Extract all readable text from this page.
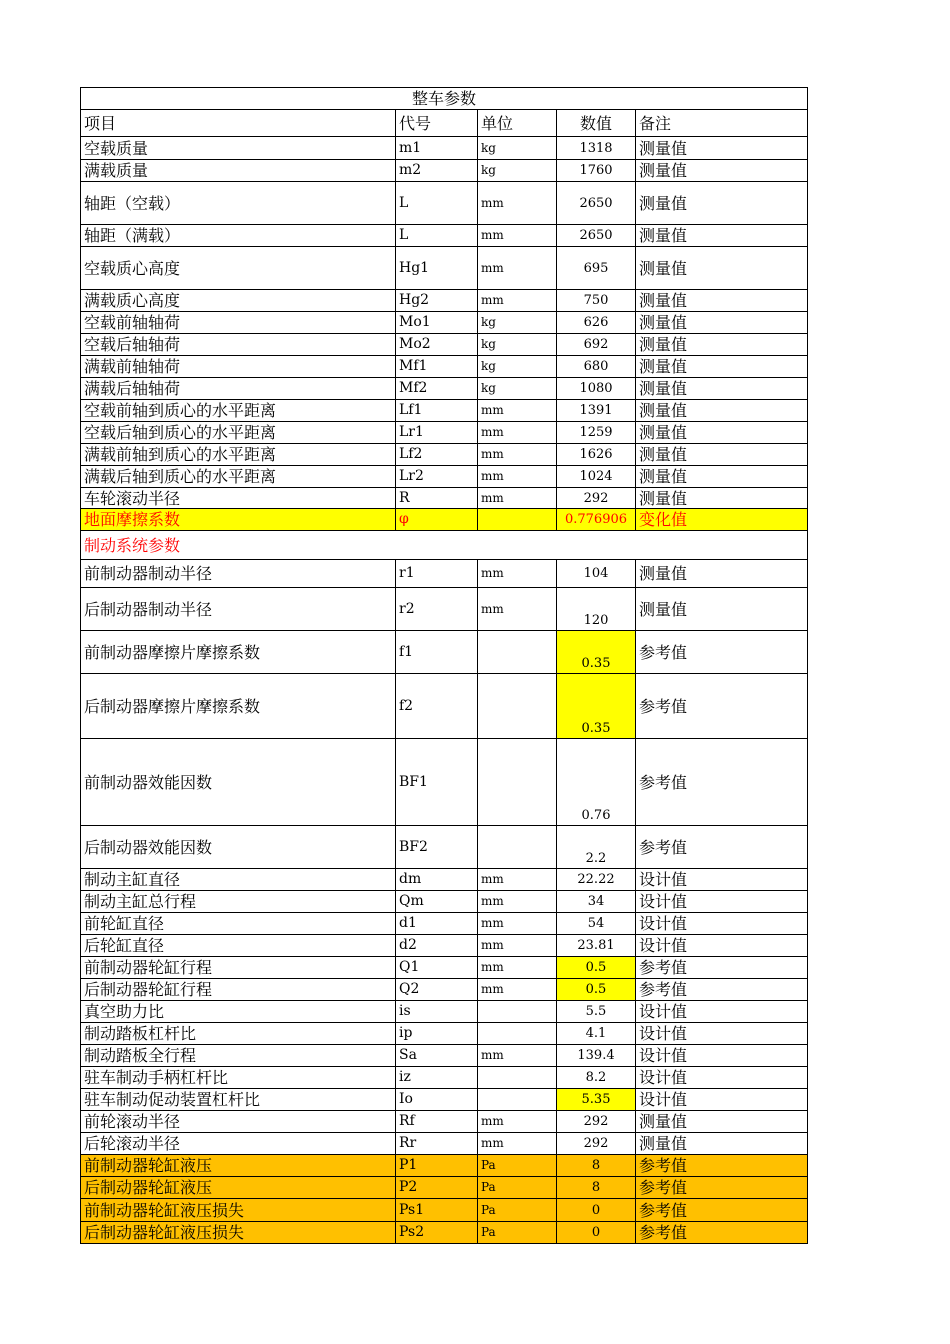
整车参数				
项目	代号	单位	数值	备注
空载质量	m1	kg	1318	测量值
满载质量	m2	kg	1760	测量值
轴距（空载）	L	mm	2650	测量值
轴距（满载）	L	mm	2650	测量值
空载质心高度	Hg1	mm	695	测量值
满载质心高度	Hg2	mm	750	测量值
空载前轴轴荷	Mo1	kg	626	测量值
空载后轴轴荷	Mo2	kg	692	测量值
满载前轴轴荷	Mf1	kg	680	测量值
满载后轴轴荷	Mf2	kg	1080	测量值
空载前轴到质心的水平距离	Lf1	mm	1391	测量值
空载后轴到质心的水平距离	Lr1	mm	1259	测量值
满载前轴到质心的水平距离	Lf2	mm	1626	测量值
满载后轴到质心的水平距离	Lr2	mm	1024	测量值
车轮滚动半径	R	mm	292	测量值
地面摩擦系数	φ		0.776906	变化值
制动系统参数				
前制动器制动半径	r1	mm	104	测量值
后制动器制动半径	r2	mm	120	测量值
前制动器摩擦片摩擦系数	f1		0.35	参考值
后制动器摩擦片摩擦系数	f2		0.35	参考值
前制动器效能因数	BF1		0.76	参考值
后制动器效能因数	BF2		2.2	参考值
制动主缸直径	dm	mm	22.22	设计值
制动主缸总行程	Qm	mm	34	设计值
前轮缸直径	d1	mm	54	设计值
后轮缸直径	d2	mm	23.81	设计值
前制动器轮缸行程	Q1	mm	0.5	参考值
后制动器轮缸行程	Q2	mm	0.5	参考值
真空助力比	is		5.5	设计值
制动踏板杠杆比	ip		4.1	设计值
制动踏板全行程	Sa	mm	139.4	设计值
驻车制动手柄杠杆比	iz		8.2	设计值
驻车制动促动装置杠杆比	Io		5.35	设计值
前轮滚动半径	Rf	mm	292	测量值
后轮滚动半径	Rr	mm	292	测量值
前制动器轮缸液压	P1	Pa	8	参考值
后制动器轮缸液压	P2	Pa	8	参考值
前制动器轮缸液压损失	Ps1	Pa	0	参考值
后制动器轮缸液压损失	Ps2	Pa	0	参考值
